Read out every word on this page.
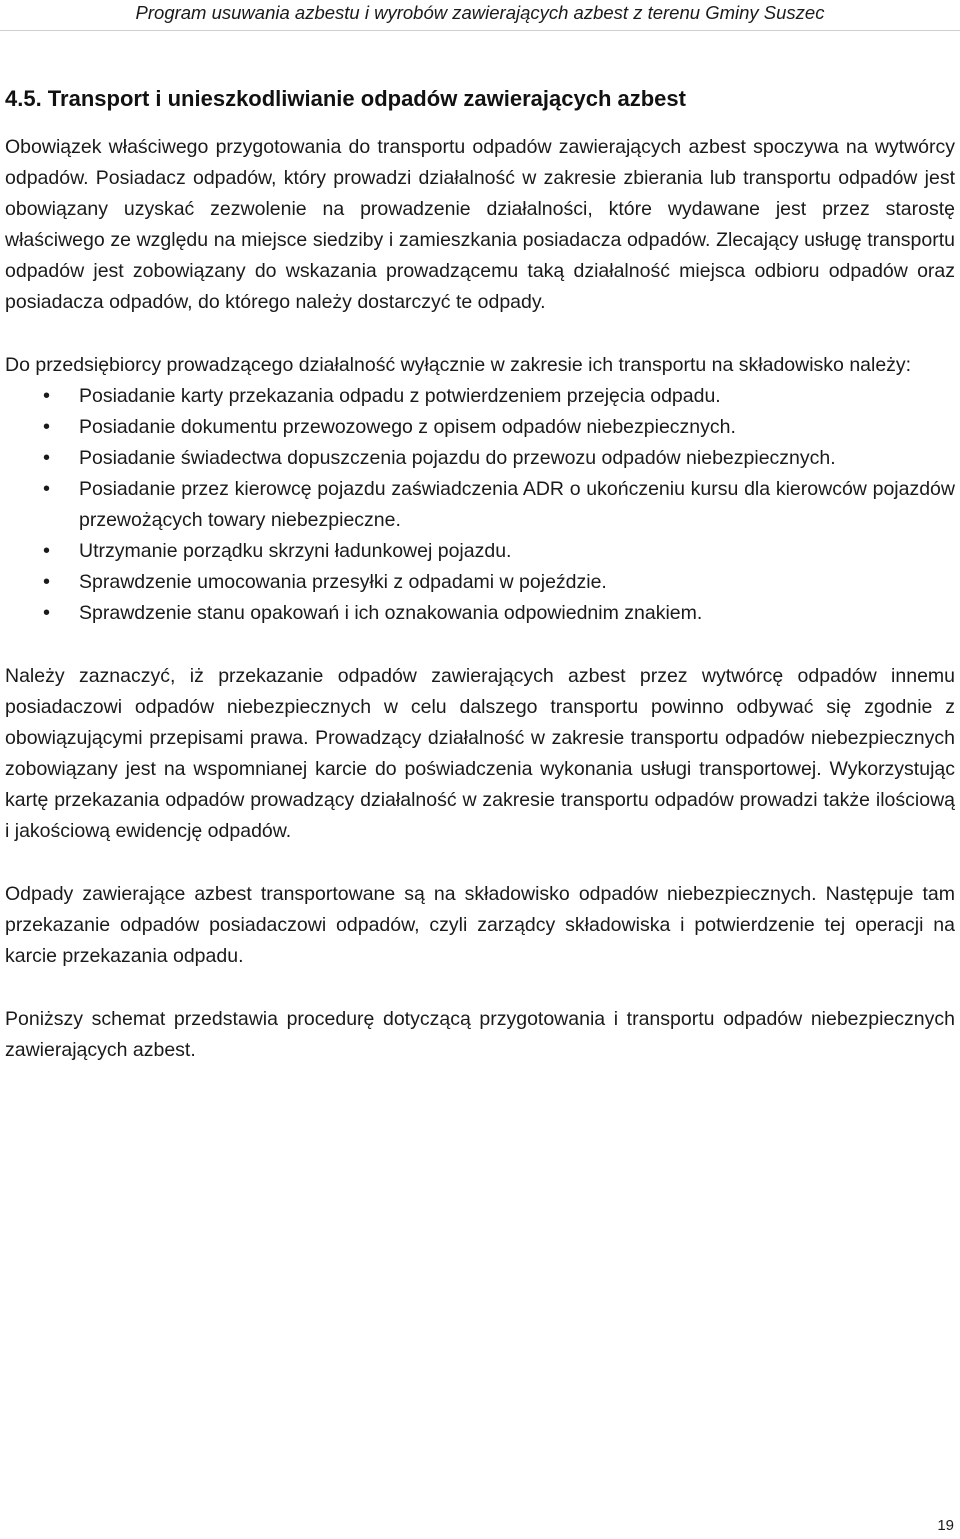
Program usuwania azbestu i wyrobów zawierających azbest z terenu Gminy Suszec
4.5. Transport i unieszkodliwianie odpadów zawierających azbest

Obowiązek właściwego przygotowania do transportu odpadów zawierających azbest spoczywa na wytwórcy odpadów. Posiadacz odpadów, który prowadzi działalność w zakresie zbierania lub transportu odpadów jest obowiązany uzyskać zezwolenie na prowadzenie działalności, które wydawane jest przez starostę właściwego ze względu na miejsce siedziby i zamieszkania posiadacza odpadów. Zlecający usługę transportu odpadów jest zobowiązany do wskazania prowadzącemu taką działalność miejsca odbioru odpadów oraz posiadacza odpadów, do którego należy dostarczyć te odpady.

Do przedsiębiorcy prowadzącego działalność wyłącznie w zakresie ich transportu na składowisko należy:

•	Posiadanie karty przekazania odpadu z potwierdzeniem przejęcia odpadu.
•	Posiadanie dokumentu przewozowego z opisem odpadów niebezpiecznych.
•	Posiadanie świadectwa dopuszczenia pojazdu do przewozu odpadów niebezpiecznych.
•	Posiadanie przez kierowcę pojazdu zaświadczenia ADR o ukończeniu kursu dla kierowców pojazdów przewożących towary niebezpieczne.
•	Utrzymanie porządku skrzyni ładunkowej pojazdu.
•	Sprawdzenie umocowania przesyłki z odpadami w pojeździe.
•	Sprawdzenie stanu opakowań i ich oznakowania odpowiednim znakiem.

Należy zaznaczyć, iż przekazanie odpadów zawierających azbest przez wytwórcę odpadów innemu posiadaczowi odpadów niebezpiecznych w celu dalszego transportu powinno odbywać się zgodnie z obowiązującymi przepisami prawa. Prowadzący działalność w zakresie transportu odpadów niebezpiecznych zobowiązany jest na wspomnianej karcie do poświadczenia wykonania usługi transportowej. Wykorzystując kartę przekazania odpadów prowadzący działalność w zakresie transportu odpadów prowadzi także ilościową i jakościową ewidencję odpadów.

Odpady zawierające azbest transportowane są na składowisko odpadów niebezpiecznych. Następuje tam przekazanie odpadów posiadaczowi odpadów, czyli zarządcy składowiska i potwierdzenie tej operacji na karcie przekazania odpadu.

Poniższy schemat przedstawia procedurę dotyczącą przygotowania i transportu odpadów niebezpiecznych zawierających azbest.

19
